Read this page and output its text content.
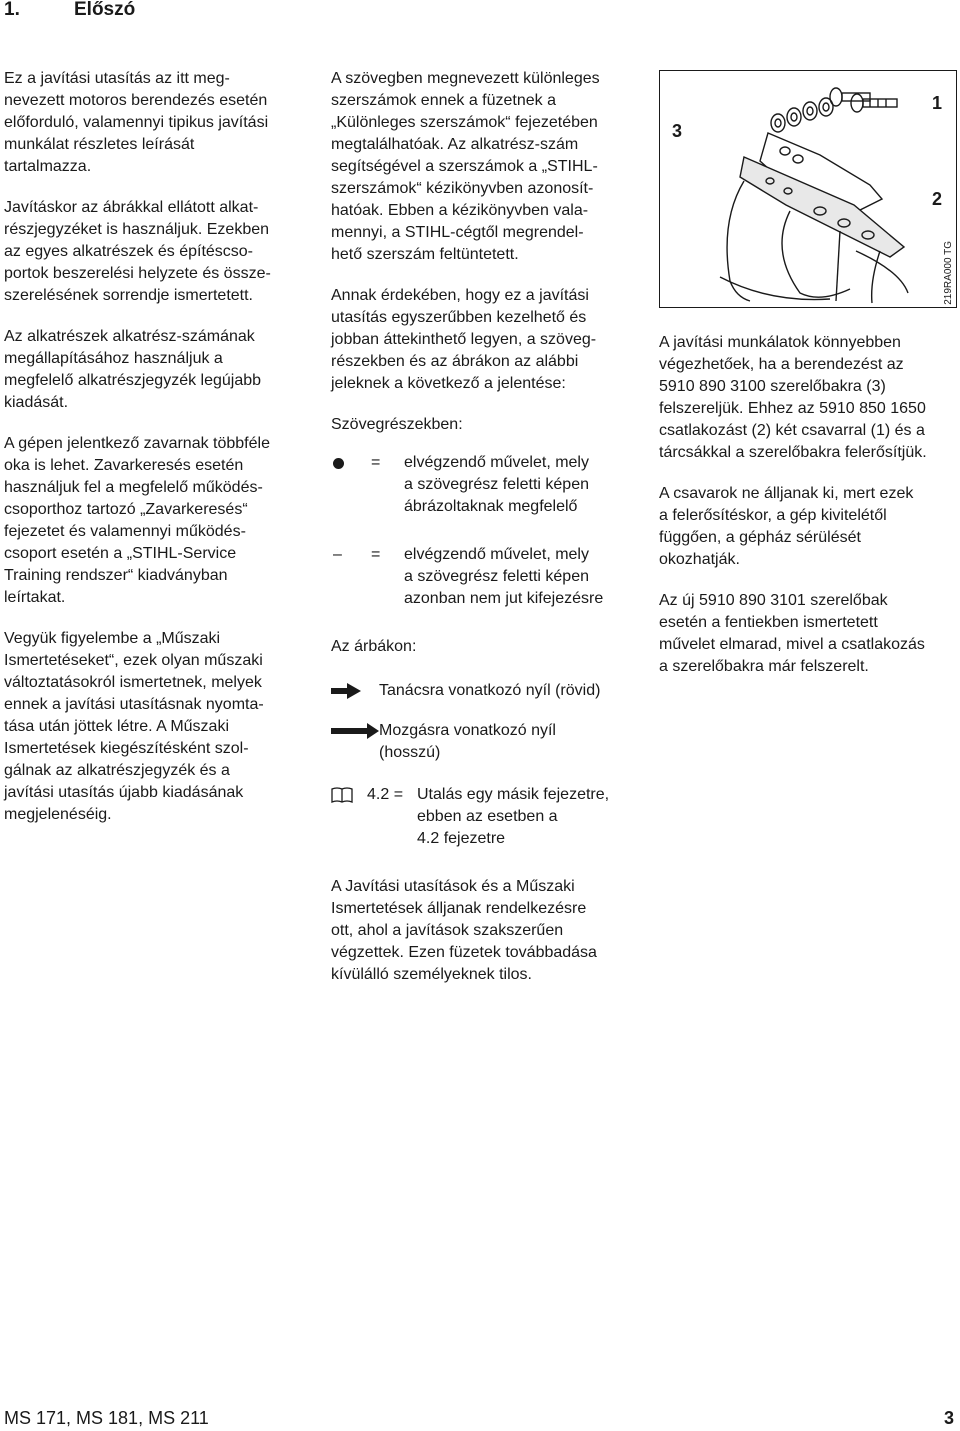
1.	Előszó

Ez a javítási utasítás az itt meg-
nevezett motoros berendezés esetén
előforduló, valamennyi tipikus javítási
munkálat részletes leírását
tartalmazza.

Javításkor az ábrákkal ellátott alkat-
részjegyzéket is használjuk. Ezekben
az egyes alkatrészek és építéscso-
portok beszerelési helyzete és össze-
szerelésének sorrendje ismertetett.

Az alkatrészek alkatrész-számának
megállapításához használjuk a
megfelelő alkatrészjegyzék legújabb
kiadását.

A gépen jelentkező zavarnak többféle
oka is lehet. Zavarkeresés esetén
használjuk fel a megfelelő működés-
csoporthoz tartozó „Zavarkeresés“
fejezetet és valamennyi működés-
csoport esetén a „STIHL-Service
Training rendszer“ kiadványban
leírtakat.

Vegyük figyelembe a „Műszaki
Ismertetéseket“, ezek olyan műszaki
változtatásokról ismertetnek, melyek
ennek a javítási utasításnak nyomta-
tása után jöttek létre. A Műszaki
Ismertetések kiegészítésként szol-
gálnak az alkatrészjegyzék és a
javítási utasítás újabb kiadásának
megjelenéséig.

A szövegben megnevezett különleges
szerszámok ennek a füzetnek a
„Különleges szerszámok“ fejezetében
megtalálhatóak. Az alkatrész-szám
segítségével a szerszámok a „STIHL-
szerszámok“ kézikönyvben azonosít-
hatóak. Ebben a kézikönyvben vala-
mennyi, a STIHL-cégtől megrendel-
hető szerszám feltüntetett.

Annak érdekében, hogy ez a javítási
utasítás egyszerűbben kezelhető és
jobban áttekinthető legyen, a szöveg-
részekben és az ábrákon az alábbi
jeleknek a következő a jelentése:

Szövegrészekben:

=	elvégzendő művelet, mely
a szövegrész feletti képen
ábrázoltaknak megfelelő
– =	elvégzendő művelet, mely
a szövegrész feletti képen
azonban nem jut kifejezésre

Az árbákon:

Tanácsra vonatkozó nyíl (rövid)
Mozgásra vonatkozó nyíl
(hosszú)
4.2 = Utalás egy másik fejezetre,
ebben az esetben a
4.2 fejezetre

A Javítási utasítások és a Műszaki
Ismertetések álljanak rendelkezésre
ott, ahol a javítások szakszerűen
végzettek. Ezen füzetek továbbadása
kívülálló személyeknek tilos.

1
2
3
219RA000 TG

A javítási munkálatok könnyebben
végezhetőek, ha a berendezést az
5910 890 3100 szerelőbakra (3)
felszereljük. Ehhez az 5910 850 1650
csatlakozást (2) két csavarral (1) és a
tárcsákkal a szerelőbakra felerősítjük.

A csavarok ne álljanak ki, mert ezek
a felerősítéskor, a gép kivitelétől
függően, a gépház sérülését
okozhatják.

Az új 5910 890 3101 szerelőbak
esetén a fentiekben ismertetett
művelet elmarad, mivel a csatlakozás
a szerelőbakra már felszerelt.

MS 171, MS 181, MS 211	3
